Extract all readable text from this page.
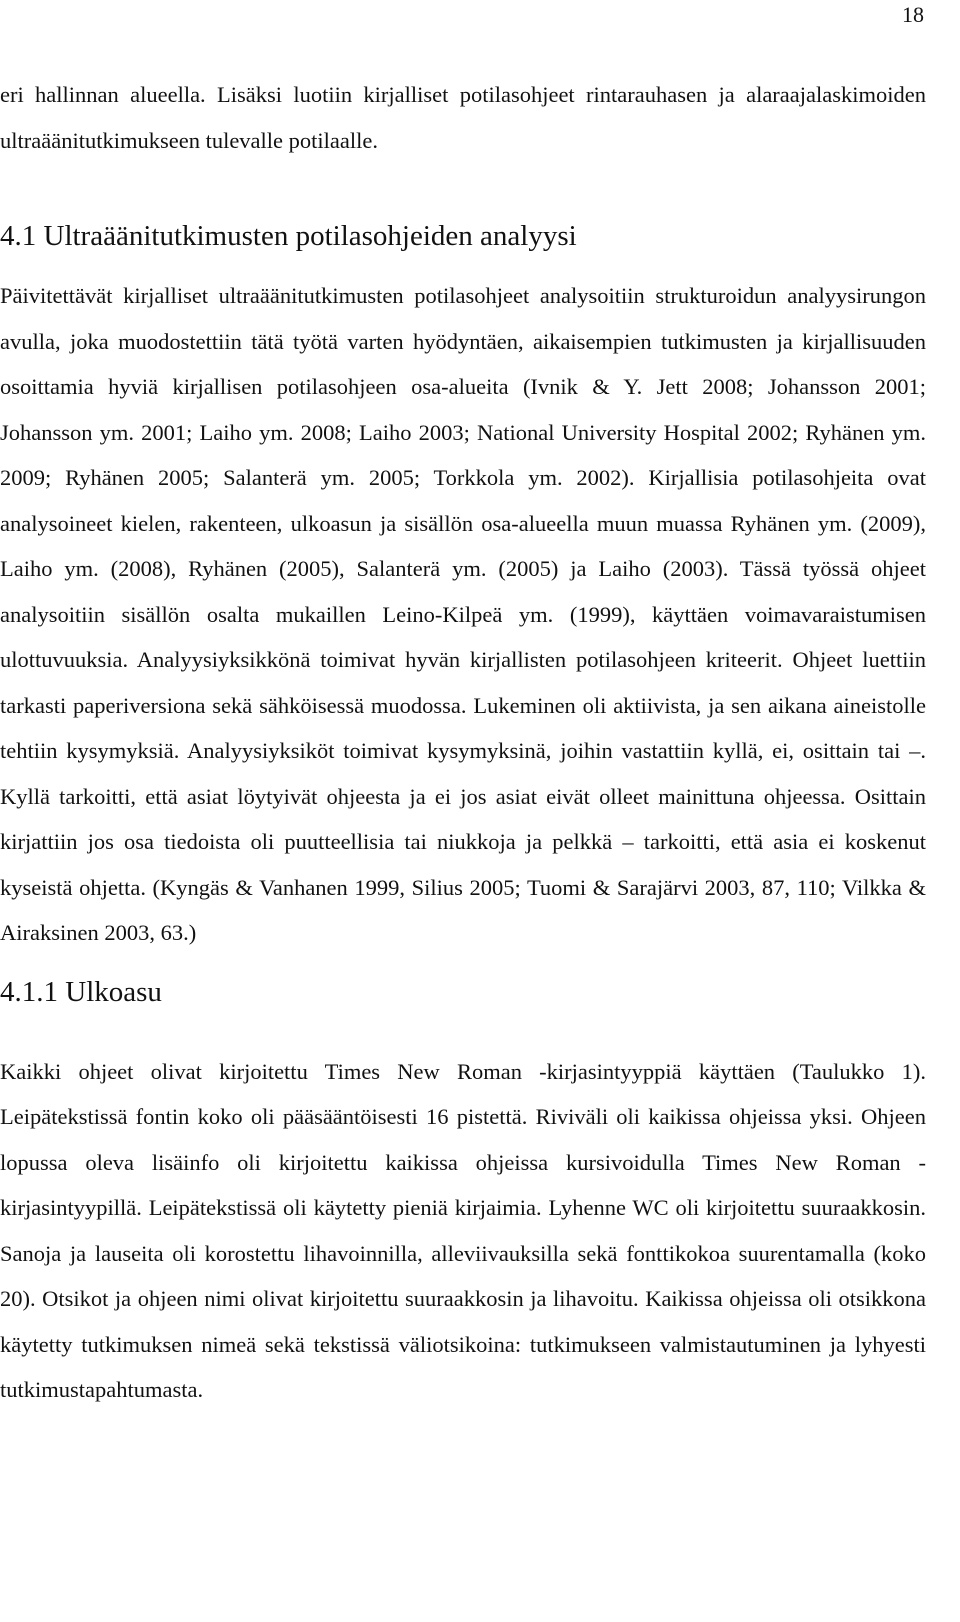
18

eri hallinnan alueella. Lisäksi luotiin kirjalliset potilasohjeet rintarauhasen ja alaraajalaskimoiden ultraäänitutkimukseen tulevalle potilaalle.

4.1 Ultraäänitutkimusten potilasohjeiden analyysi

Päivitettävät kirjalliset ultraäänitutkimusten potilasohjeet analysoitiin strukturoidun analyysirungon avulla, joka muodostettiin tätä työtä varten hyödyntäen, aikaisempien tutkimusten ja kirjallisuuden osoittamia hyviä kirjallisen potilasohjeen osa-alueita (Ivnik & Y. Jett 2008; Johansson 2001; Johansson ym. 2001; Laiho ym. 2008; Laiho 2003; National University Hospital 2002; Ryhänen ym. 2009; Ryhänen 2005; Salanterä ym. 2005; Torkkola ym. 2002). Kirjallisia potilasohjeita ovat analysoineet kielen, rakenteen, ulkoasun ja sisällön osa-alueella muun muassa Ryhänen ym. (2009), Laiho ym. (2008), Ryhänen (2005), Salanterä ym. (2005) ja Laiho (2003). Tässä työssä ohjeet analysoitiin sisällön osalta mukaillen Leino-Kilpeä ym. (1999), käyttäen voimavaraistumisen ulottuvuuksia. Analyysiyksikkönä toimivat hyvän kirjallisten potilasohjeen kriteerit. Ohjeet luettiin tarkasti paperiversiona sekä sähköisessä muodossa. Lukeminen oli aktiivista, ja sen aikana aineistolle tehtiin kysymyksiä. Analyysiyksiköt toimivat kysymyksinä, joihin vastattiin kyllä, ei, osittain tai –. Kyllä tarkoitti, että asiat löytyivät ohjeesta ja ei jos asiat eivät olleet mainittuna ohjeessa. Osittain kirjattiin jos osa tiedoista oli puutteellisia tai niukkoja ja pelkkä – tarkoitti, että asia ei koskenut kyseistä ohjetta. (Kyngäs & Vanhanen 1999, Silius 2005; Tuomi & Sarajärvi 2003, 87, 110; Vilkka & Airaksinen 2003, 63.)

4.1.1 Ulkoasu

Kaikki ohjeet olivat kirjoitettu Times New Roman -kirjasintyyppiä käyttäen (Taulukko 1). Leipätekstissä fontin koko oli pääsääntöisesti 16 pistettä. Riviväli oli kaikissa ohjeissa yksi. Ohjeen lopussa oleva lisäinfo oli kirjoitettu kaikissa ohjeissa kursivoidulla Times New Roman -kirjasintyypillä. Leipätekstissä oli käytetty pieniä kirjaimia. Lyhenne WC oli kirjoitettu suuraakkosin. Sanoja ja lauseita oli korostettu lihavoinnilla, alleviivauksilla sekä fonttikokoa suurentamalla (koko 20). Otsikot ja ohjeen nimi olivat kirjoitettu suuraakkosin ja lihavoitu. Kaikissa ohjeissa oli otsikkona käytetty tutkimuksen nimeä sekä tekstissä väliotsikoina: tutkimukseen valmistautuminen ja lyhyesti tutkimustapahtumasta.
